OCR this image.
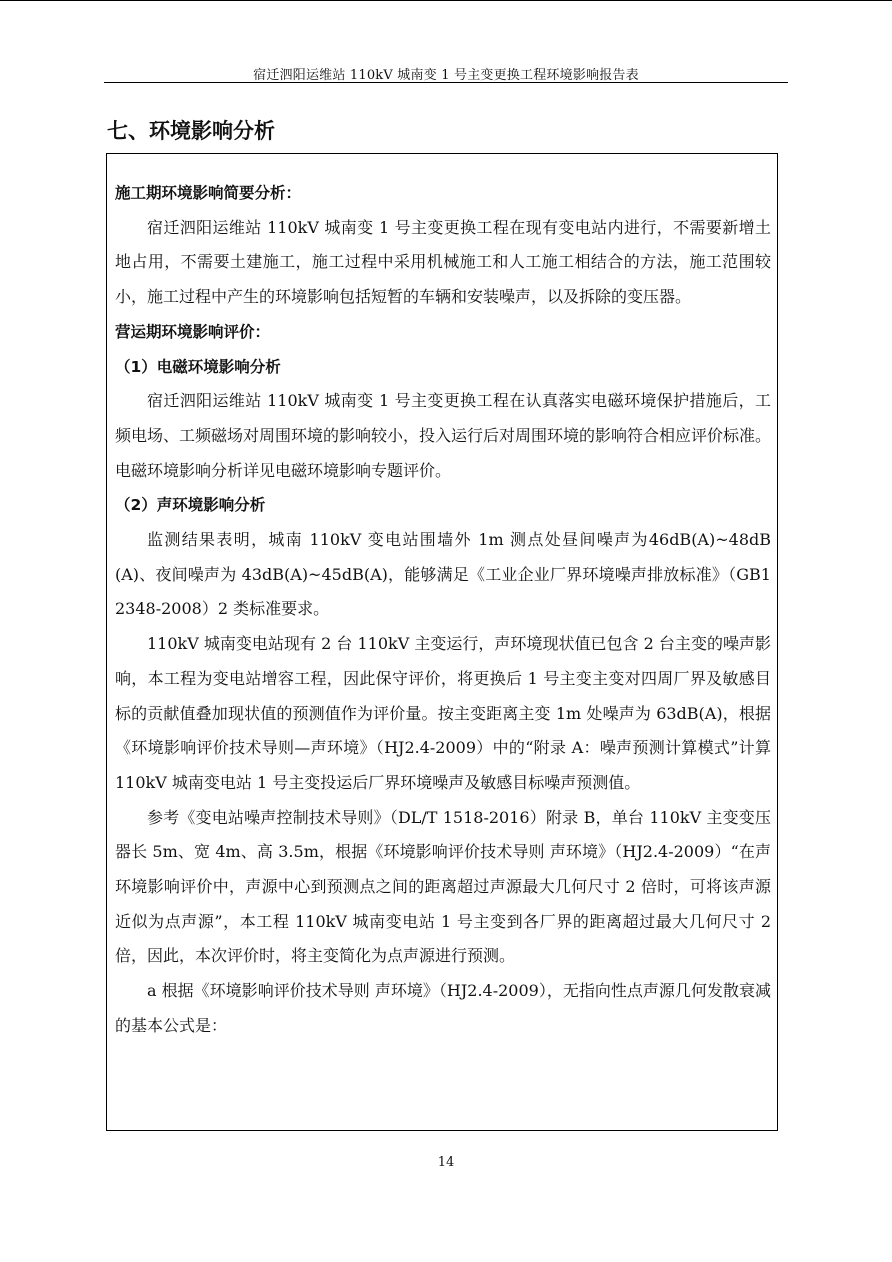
宿迁泗阳运维站 110kV 城南变 1 号主变更换工程环境影响报告表
七、环境影响分析

施工期环境影响简要分析：

宿迁泗阳运维站 110kV 城南变 1 号主变更换工程在现有变电站内进行，不需要新增土地占用，不需要土建施工，施工过程中采用机械施工和人工施工相结合的方法，施工范围较小，施工过程中产生的环境影响包括短暂的车辆和安装噪声，以及拆除的变压器。

营运期环境影响评价：

（1）电磁环境影响分析

宿迁泗阳运维站 110kV 城南变 1 号主变更换工程在认真落实电磁环境保护措施后，工频电场、工频磁场对周围环境的影响较小，投入运行后对周围环境的影响符合相应评价标准。电磁环境影响分析详见电磁环境影响专题评价。

（2）声环境影响分析

监测结果表明，城南 110kV 变电站围墙外 1m 测点处昼间噪声为46dB(A)~48dB(A)、夜间噪声为 43dB(A)~45dB(A)，能够满足《工业企业厂界环境噪声排放标准》（GB12348-2008）2 类标准要求。

110kV 城南变电站现有 2 台 110kV 主变运行，声环境现状值已包含 2 台主变的噪声影响，本工程为变电站增容工程，因此保守评价，将更换后 1 号主变主变对四周厂界及敏感目标的贡献值叠加现状值的预测值作为评价量。按主变距离主变 1m 处噪声为 63dB(A)，根据《环境影响评价技术导则—声环境》（HJ2.4-2009）中的“附录 A：噪声预测计算模式”计算 110kV 城南变电站 1 号主变投运后厂界环境噪声及敏感目标噪声预测值。

参考《变电站噪声控制技术导则》（DL/T 1518-2016）附录 B，单台 110kV 主变变压器长 5m、宽 4m、高 3.5m，根据《环境影响评价技术导则 声环境》（HJ2.4-2009）“在声环境影响评价中，声源中心到预测点之间的距离超过声源最大几何尺寸 2 倍时，可将该声源近似为点声源”，本工程 110kV 城南变电站 1 号主变到各厂界的距离超过最大几何尺寸 2 倍，因此，本次评价时，将主变简化为点声源进行预测。

a 根据《环境影响评价技术导则 声环境》（HJ2.4-2009），无指向性点声源几何发散衰减的基本公式是：

14
